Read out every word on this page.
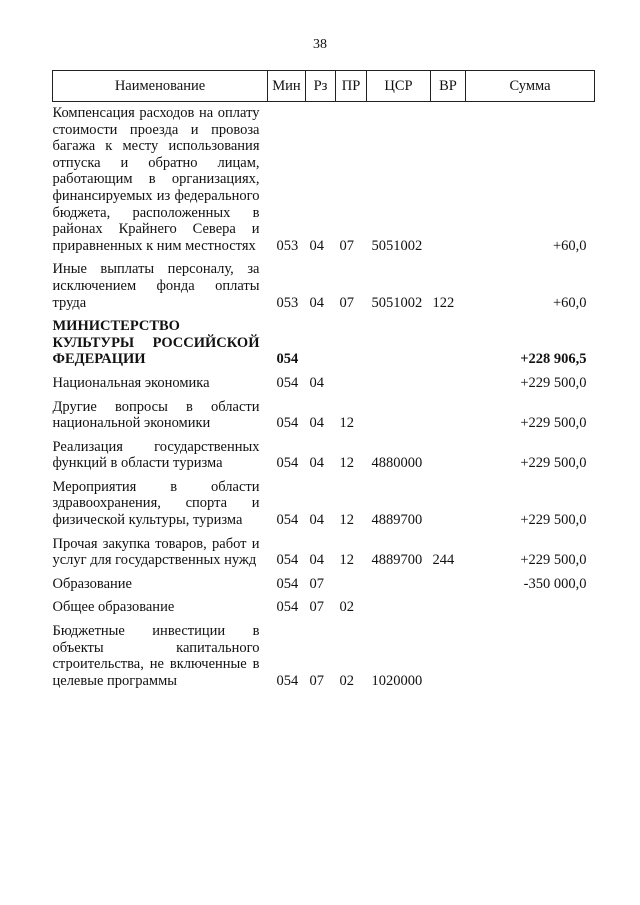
38
Наименование	Мин	Рз	ПР	ЦСР	ВР	Сумма
Компенсация расходов на оплату стоимости проезда и провоза багажа к месту использования отпуска и обратно лицам, работающим в организациях, финансируемых из федерального бюджета, расположенных в районах Крайнего Севера и приравненных к ним местностях	053	04	07	5051002		+60,0
Иные выплаты персоналу, за исключением фонда оплаты труда	053	04	07	5051002	122	+60,0
МИНИСТЕРСТВО КУЛЬТУРЫ РОССИЙСКОЙ ФЕДЕРАЦИИ	054					+228 906,5
Национальная экономика	054	04				+229 500,0
Другие вопросы в области национальной экономики	054	04	12			+229 500,0
Реализация государственных функций в области туризма	054	04	12	4880000		+229 500,0
Мероприятия в области здравоохранения, спорта и физической культуры, туризма	054	04	12	4889700		+229 500,0
Прочая закупка товаров, работ и услуг для государственных нужд	054	04	12	4889700	244	+229 500,0
Образование	054	07				-350 000,0
Общее образование	054	07	02			
Бюджетные инвестиции в объекты капитального строительства, не включенные в целевые программы	054	07	02	1020000		
